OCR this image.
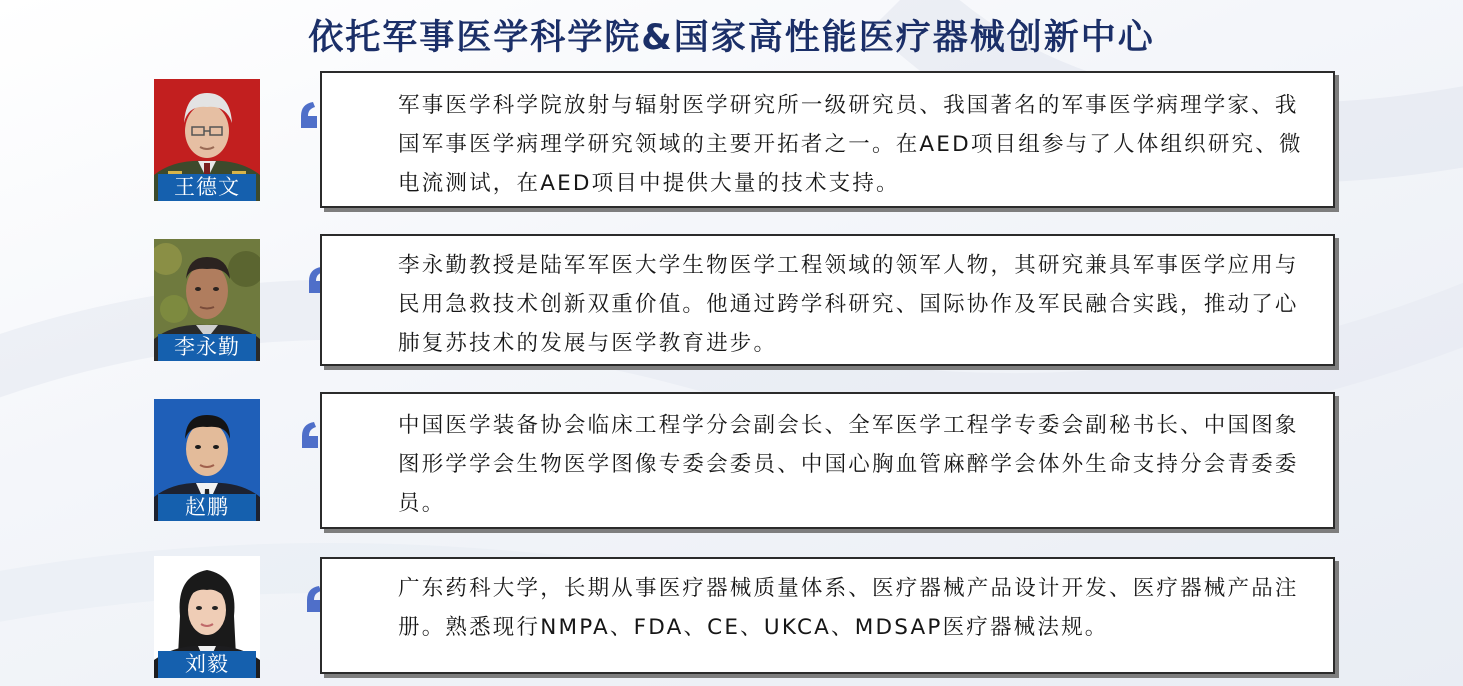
依托军事医学科学院&国家高性能医疗器械创新中心
王德文
军事医学科学院放射与辐射医学研究所一级研究员、我国著名的军事医学病理学家、我国军事医学病理学研究领域的主要开拓者之一。在AED项目组参与了人体组织研究、微电流测试，在AED项目中提供大量的技术支持。
李永勤
李永勤教授是陆军军医大学生物医学工程领域的领军人物，其研究兼具军事医学应用与民用急救技术创新双重价值。他通过跨学科研究、国际协作及军民融合实践，推动了心肺复苏技术的发展与医学教育进步。
赵鹏
中国医学装备协会临床工程学分会副会长、全军医学工程学专委会副秘书长、中国图象图形学学会生物医学图像专委会委员、中国心胸血管麻醉学会体外生命支持分会青委委员。
刘毅
广东药科大学，长期从事医疗器械质量体系、医疗器械产品设计开发、医疗器械产品注册。熟悉现行NMPA、FDA、CE、UKCA、MDSAP医疗器械法规。
